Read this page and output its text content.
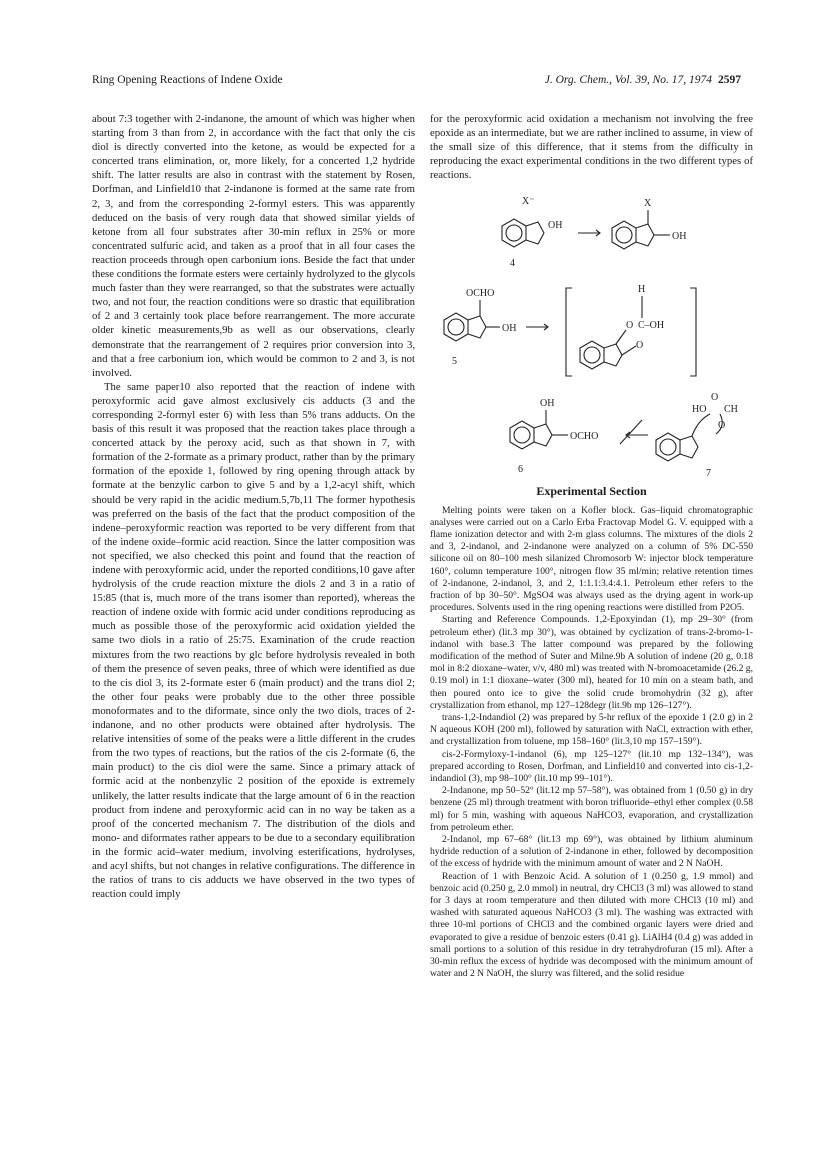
Ring Opening Reactions of Indene Oxide	J. Org. Chem., Vol. 39, No. 17, 1974 2597

about 7:3 together with 2-indanone, the amount of which was higher when starting from 3 than from 2, in accordance with the fact that only the cis diol is directly converted into the ketone, as would be expected for a concerted trans elimination, or, more likely, for a concerted 1,2 hydride shift. The latter results are also in contrast with the statement by Rosen, Dorfman, and Linfield10 that 2-indanone is formed at the same rate from 2, 3, and from the corresponding 2-formyl esters. This was apparently deduced on the basis of very rough data that showed similar yields of ketone from all four substrates after 30-min reflux in 25% or more concentrated sulfuric acid, and taken as a proof that in all four cases the reaction proceeds through open carbonium ions. Beside the fact that under these conditions the formate esters were certainly hydrolyzed to the glycols much faster than they were rearranged, so that the substrates were actually two, and not four, the reaction conditions were so drastic that equilibration of 2 and 3 certainly took place before rearrangement. The more accurate older kinetic measurements,9b as well as our observations, clearly demonstrate that the rearrangement of 2 requires prior conversion into 3, and that a free carbonium ion, which would be common to 2 and 3, is not involved.

The same paper10 also reported that the reaction of indene with peroxyformic acid gave almost exclusively cis adducts (3 and the corresponding 2-formyl ester 6) with less than 5% trans adducts. On the basis of this result it was proposed that the reaction takes place through a concerted attack by the peroxy acid, such as that shown in 7, with formation of the 2-formate as a primary product, rather than by the primary formation of the epoxide 1, followed by ring opening through attack by formate at the benzylic carbon to give 5 and by a 1,2-acyl shift, which should be very rapid in the acidic medium.5,7b,11 The former hypothesis was preferred on the basis of the fact that the product composition of the indene–peroxyformic reaction was reported to be very different from that of the indene oxide–formic acid reaction. Since the latter composition was not specified, we also checked this point and found that the reaction of indene with peroxyformic acid, under the reported conditions,10 gave after hydrolysis of the crude reaction mixture the diols 2 and 3 in a ratio of 15:85 (that is, much more of the trans isomer than reported), whereas the reaction of indene oxide with formic acid under conditions reproducing as much as possible those of the peroxyformic acid oxidation yielded the same two diols in a ratio of 25:75. Examination of the crude reaction mixtures from the two reactions by glc before hydrolysis revealed in both of them the presence of seven peaks, three of which were identified as due to the cis diol 3, its 2-formate ester 6 (main product) and the trans diol 2; the other four peaks were probably due to the other three possible monoformates and to the diformate, since only the two diols, traces of 2-indanone, and no other products were obtained after hydrolysis. The relative intensities of some of the peaks were a little different in the crudes from the two types of reactions, but the ratios of the cis 2-formate (6, the main product) to the cis diol were the same. Since a primary attack of formic acid at the nonbenzylic 2 position of the epoxide is extremely unlikely, the latter results indicate that the large amount of 6 in the reaction product from indene and peroxyformic acid can in no way be taken as a proof of the concerted mechanism 7. The distribution of the diols and mono- and diformates rather appears to be due to a secondary equilibration in the formic acid–water medium, involving esterifications, hydrolyses, and acyl shifts, but not changes in relative configurations. The difference in the ratios of trans to cis adducts we have observed in the two types of reaction could imply

for the peroxyformic acid oxidation a mechanism not involving the free epoxide as an intermediate, but we are rather inclined to assume, in view of the small size of this difference, that it stems from the difficulty in reproducing the exact experimental conditions in the two different types of reactions.

X⁻
OH
X
OH
4
OCHO
OH
5
H
O C–OH
O
OH
OCHO
6
HO
O
CH
O
7
Experimental Section

Melting points were taken on a Kofler block. Gas–liquid chromatographic analyses were carried out on a Carlo Erba Fractovap Model G. V. equipped with a flame ionization detector and with 2-m glass columns. The mixtures of the diols 2 and 3, 2-indanol, and 2-indanone were analyzed on a column of 5% DC-550 silicone oil on 80–100 mesh silanized Chromosorb W: injector block temperature 160°, column temperature 100°, nitrogen flow 35 ml/min; relative retention times of 2-indanone, 2-indanol, 3, and 2, 1:1.1:3.4:4.1. Petroleum ether refers to the fraction of bp 30–50°. MgSO4 was always used as the drying agent in work-up procedures. Solvents used in the ring opening reactions were distilled from P2O5.

Starting and Reference Compounds. 1,2-Epoxyindan (1), mp 29–30° (from petroleum ether) (lit.3 mp 30°), was obtained by cyclization of trans-2-bromo-1-indanol with base.3 The latter compound was prepared by the following modification of the method of Suter and Milne.9b A solution of indene (20 g, 0.18 mol in 8:2 dioxane–water, v/v, 480 ml) was treated with N-bromoacetamide (26.2 g, 0.19 mol) in 1:1 dioxane–water (300 ml), heated for 10 min on a steam bath, and then poured onto ice to give the solid crude bromohydrin (32 g), after crystallization from ethanol, mp 127–128degr (lit.9b mp 126–127°).

trans-1,2-Indandiol (2) was prepared by 5-hr reflux of the epoxide 1 (2.0 g) in 2 N aqueous KOH (200 ml), followed by saturation with NaCl, extraction with ether, and crystallization from toluene, mp 158–160° (lit.3,10 mp 157–159°).

cis-2-Formyloxy-1-indanol (6), mp 125–127° (lit.10 mp 132–134°), was prepared according to Rosen, Dorfman, and Linfield10 and converted into cis-1,2-indandiol (3), mp 98–100° (lit.10 mp 99–101°).

2-Indanone, mp 50–52° (lit.12 mp 57–58°), was obtained from 1 (0.50 g) in dry benzene (25 ml) through treatment with boron trifluoride–ethyl ether complex (0.58 ml) for 5 min, washing with aqueous NaHCO3, evaporation, and crystallization from petroleum ether.

2-Indanol, mp 67–68° (lit.13 mp 69°), was obtained by lithium aluminum hydride reduction of a solution of 2-indanone in ether, followed by decomposition of the excess of hydride with the minimum amount of water and 2 N NaOH.

Reaction of 1 with Benzoic Acid. A solution of 1 (0.250 g, 1.9 mmol) and benzoic acid (0.250 g, 2.0 mmol) in neutral, dry CHCl3 (3 ml) was allowed to stand for 3 days at room temperature and then diluted with more CHCl3 (10 ml) and washed with saturated aqueous NaHCO3 (3 ml). The washing was extracted with three 10-ml portions of CHCl3 and the combined organic layers were dried and evaporated to give a residue of benzoic esters (0.41 g). LiAlH4 (0.4 g) was added in small portions to a solution of this residue in dry tetrahydrofuran (15 ml). After a 30-min reflux the excess of hydride was decomposed with the minimum amount of water and 2 N NaOH, the slurry was filtered, and the solid residue
